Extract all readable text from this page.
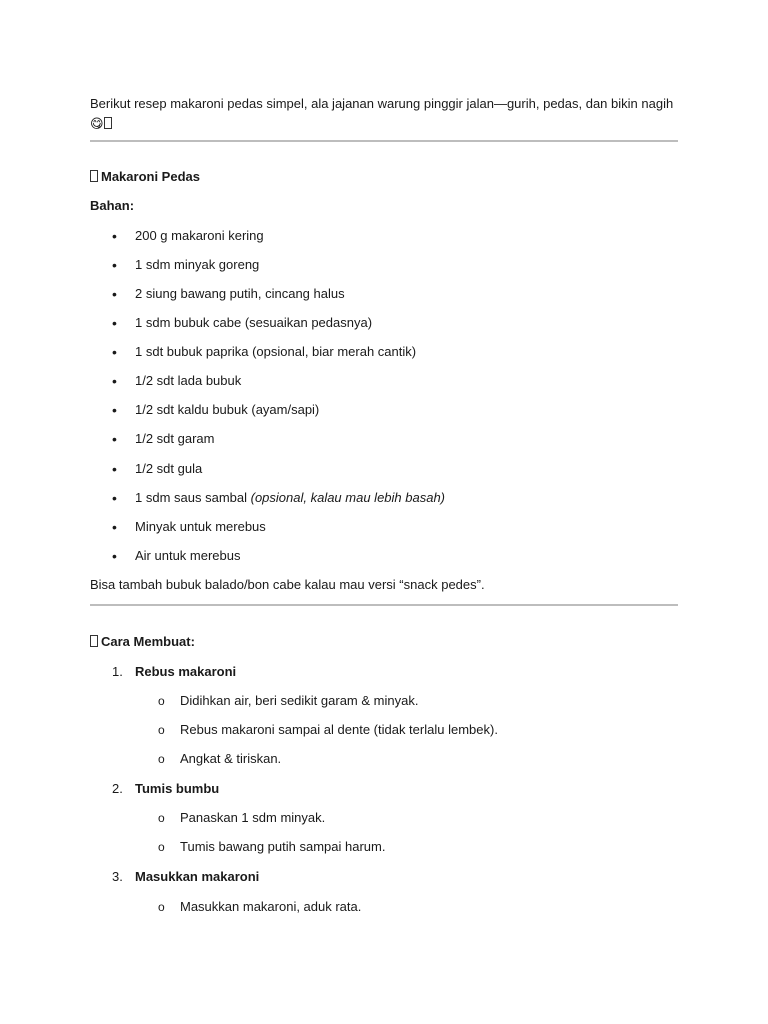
Berikut resep makaroni pedas simpel, ala jajanan warung pinggir jalan—gurih, pedas, dan bikin nagih
😋
Makaroni Pedas
Bahan:
• 200 g makaroni kering
• 1 sdm minyak goreng
• 2 siung bawang putih, cincang halus
• 1 sdm bubuk cabe (sesuaikan pedasnya)
• 1 sdt bubuk paprika (opsional, biar merah cantik)
• 1/2 sdt lada bubuk
• 1/2 sdt kaldu bubuk (ayam/sapi)
• 1/2 sdt garam
• 1/2 sdt gula
• 1 sdm saus sambal (opsional, kalau mau lebih basah)
• Minyak untuk merebus
• Air untuk merebus
Bisa tambah bubuk balado/bon cabe kalau mau versi “snack pedes”.
Cara Membuat:
1. Rebus makaroni
o Didihkan air, beri sedikit garam & minyak.
o Rebus makaroni sampai al dente (tidak terlalu lembek).
o Angkat & tiriskan.
2. Tumis bumbu
o Panaskan 1 sdm minyak.
o Tumis bawang putih sampai harum.
3. Masukkan makaroni
o Masukkan makaroni, aduk rata.
